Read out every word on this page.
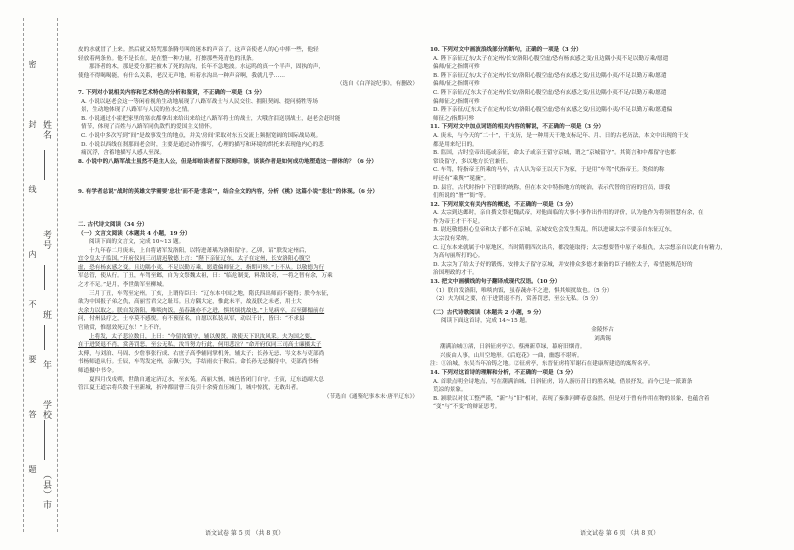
密
封
线
内
不
要
答
题
姓名
考号
班
年
学校
（县）市

皮的水就冒了上来。然后就又特咒那条腾号叫的迷本的声音了。这声音使老人的心中摔一些，他轻

轻放着两条鱼。他不是长在，是在整一种力量，打擦那些苑青色的汛条。

那泽者的木，那是爱分那拦被木了死的沟沟，长年不急地波。水运呜的真一个半声，固执的声，

使他不得喝喝能，有什么关系，老汉无声地，听着水沟出一种声音啊，我就几乎……

（选自《白洋淀纪事》，有删改）

7. 下列对小说相关内容和艺术特色的分析和鉴赏，不正确的一项是（3 分）

A. 小说以赵老会这一等闲看视角生动地展现了八路军战士与人民交往、拥阻契阔、提问骑牲等场

景，生动地体现了八路军与人民的鱼水之情。

B. 小说通过小霍把家里的塞衣都拿出来给出来给过八路军将士的战士，大哦含泪送别战士，赵老会赶时能

情节，体现了百姓与八路军同仇敌忾的爱国主义情怀。

C. 小说中多次写到“间”是故事发生的地点，并关'房间'采取对东五交流上频据宽阔的国际战局观。

D. 小说以西线在刹那间老会时，主要是通过动作描写，心理的描写和环境的烘托来表现他内心的悲

痛沉浮，含蓄地描写人感人至深。

8. 小说中的八路军战士虽然不是主人公，但是却给读者留下深刻印象，谈谈作者是如何成功地塑造这一群体的？（6 分）

9. 有学者总说“战时的英雄文学需要‘忠壮’而不是‘悲哀’”，结合全文的内容，分析《桃》这篇小说“悲壮”的体现。（6 分）

二. 古代诗文阅读（34 分）

（一）文言文阅读（本题共 4 小题，19 分）

阅读下面的文言文，完成 10~13 题。

十九年春二月庚未，上自将诸军发洛阳，以特进萧瑀为洛阳留守。乙卯，诏“朕发定州后，

宜令皇太子监国。”开府仪同三司尉迟敬德上言：“陛下亲征辽东，太子在定州，长安洛阳心腹空

虚，恐有杨玄感之变。且边隅小夷，不足以勤万乘，愿遣偏师征之，指期可殄。”上不从。以敬德为行

军总管，使从行。丁丑，车驾至邺，自为文祭魏太祖，曰：“临危制变，料敌设奇，一将之智有余，万乘

之才不足。”是月，李世勣军至柳城。

三月丁丑，车驾至定州。丁亥，上谓侍臣曰：“辽东本中国之地，隋氏四出师而不能得；朕今东征，

欲为中国报子弟之仇，高丽雪君父之耻耳。且方隅大定，惟此未平，故及朕之未老，用士大

夫余力以取之。朕自发洛阳，唯啖肉饭，虽春蔬亦不之进，惧其烦扰故也。”上见病卒，召至御榻前存

问，付州县疗之，士卒莫不感悦。有不预征名，自愿以私装从军，动以千计，皆曰：“不求县

官勋赏，惟愿效死辽东！”上不许。

上将发，太子悲泣数日，上曰：“今留汝镇守，辅以俊贤，欲使天下识汝风采。夫为国之要，

在于进贤退不肖，赏善罚恶，至公无私，汝当努力行此，何用悲泣？”命开府仪同三司高士廉摄太子

太傅，与刘洎、马周、少詹事张行成、右庶子高季辅同掌机务，辅太子；长孙无忌、岑文本与吏部尚

书杨师道从行。壬辰，车驾发定州，亲佩弓矢，手结雨衣于鞍后。命长孙无忌摄侍中，吏部尚书杨

师道摄中书令。

夏四月戊戌朔，世勣自通定济辽水，至玄菟。高丽大骇，城邑皆闭门自守。壬寅，辽东道副大总

管江夏王道宗将兵数千至新城，折冲都尉曹三良引十余骑直压城门，城中惊扰，无敢出者。

（节选自《通鉴纪事本末·唐平辽东》）

语文试卷 第 5 页 （共 8 页）

10. 下列对文中画波浪线部分的断句，正确的一项是（3 分）

A. 陛下亲征辽东/太子在定州/长安洛阳心腹空虚/恐有杨玄感之变/且边隅小夷不足以勤万乘/愿遣

偏师/征之指期可殄

B. 陛下亲征辽东/太子在定州/长安/洛阳心腹空虚/恐有玄感之变/且边隅小夷/不足以勤万乘/愿遣

偏师/征之指期可殄

C. 陛下亲征/辽东太子在定州/长安/洛阳心腹空虚/恐有玄感之变/且边隅小夷不足/以勤万乘/愿遣

偏师征之/指期可殄

D. 陛下亲征/辽东太子在定州/长安/洛阳心腹空虚/恐有玄感之变/且边隅小夷/不足以勤万乘/愿遣偏

师征之/指期可殄

11. 下列对文中加点词语的相关内容的解说，不正确的一项是（3 分）

A. 庚未，与今天的“二·十”，干支历，是一种用天干地支标记年、月、日的古老历法，本文中出现的干支

都是用来纪日的。

B. 监国，古时皇帝出巡或亲征，命太子或亲王留守京城，谓之“京城留守”。其简言和中都留守也都

常设留守，多以地方长官兼任。

C. 车驾，特指帝王所乘的马车，古人认为帝王以天下为家，于是用“车驾”代指帝王。类似的称

呼还有“乘舆”“冕旒”。

D. 县官，古代时指中下官职的统称，但在本文中特指地方的统治，表示代替的官府的官员，即我

们所说的“署”“衙”等。

12. 下列对原文有关内容的概述，不正确的一项是（3 分）

A. 太宗到达邺时，亲自撰文祭祀魏武帝，对他面临的大事小事作出作用的评价，认为他作为将领智慧有余，在

作为帝王才干不足。

B. 尉迟敬德担心皇帝和太子都不在京城，京城安危会发生叛乱，所以进谏太宗不要亲自东征辽东，

太宗没有采纳。

C. 辽东本来就属于中原地区，当时隋朝四次出兵，都没能取得；太宗想要替中原子弟报仇，太宗想亲自以此自有精力，

为高句丽所打的心。

D. 太宗为了给太子好的锻炼，安排太子留守京城，并安排众多德才兼备的臣子辅佐太子，希望能规范好的

治国理政的才干。

13. 把文中画横线的句子翻译成现代汉语。（10 分）

（1）朕自发洛阳，唯啖肉饭，虽春蔬亦不之进，惧其烦扰故也。（5 分）

（2）夫为国之要，在于进贤退不肖，赏善罚恶，至公无私。（5 分）

（二）古代诗歌阅读（本题共 2 小题，9 分）

阅读下面这首诗，完成 14~15 题。

金陵怀古

刘禹锡

潮满冶城①渚，日斜征虏亭②。蔡洲新草绿，幕府旧烟青。

兴废由人事，山川空地形。《后庭花》一曲，幽怨不堪听。

注：①冶城，东吴当年冶铸之地。②征虏亭，东晋征虏将军谢石在建康所建造的寓所名亭。

14. 下列对这首诗的理解和分析，不正确的一项是（3 分）

A. 首联点明全诗地点，写在潮满治城、日斜征虏，诗人游历昔日的胜名城，借景抒发，而今已是一派萧条

荒凉的景象。

B. 颔联以对仗工整严谨，“新”与“旧”相对，表现了秦淮河畔春意盎然，但是对于曾有作用在物的景象，也蕴含着

“变”与“不变”的辩证思考。

语文试卷 第 6 页 （共 8 页）
